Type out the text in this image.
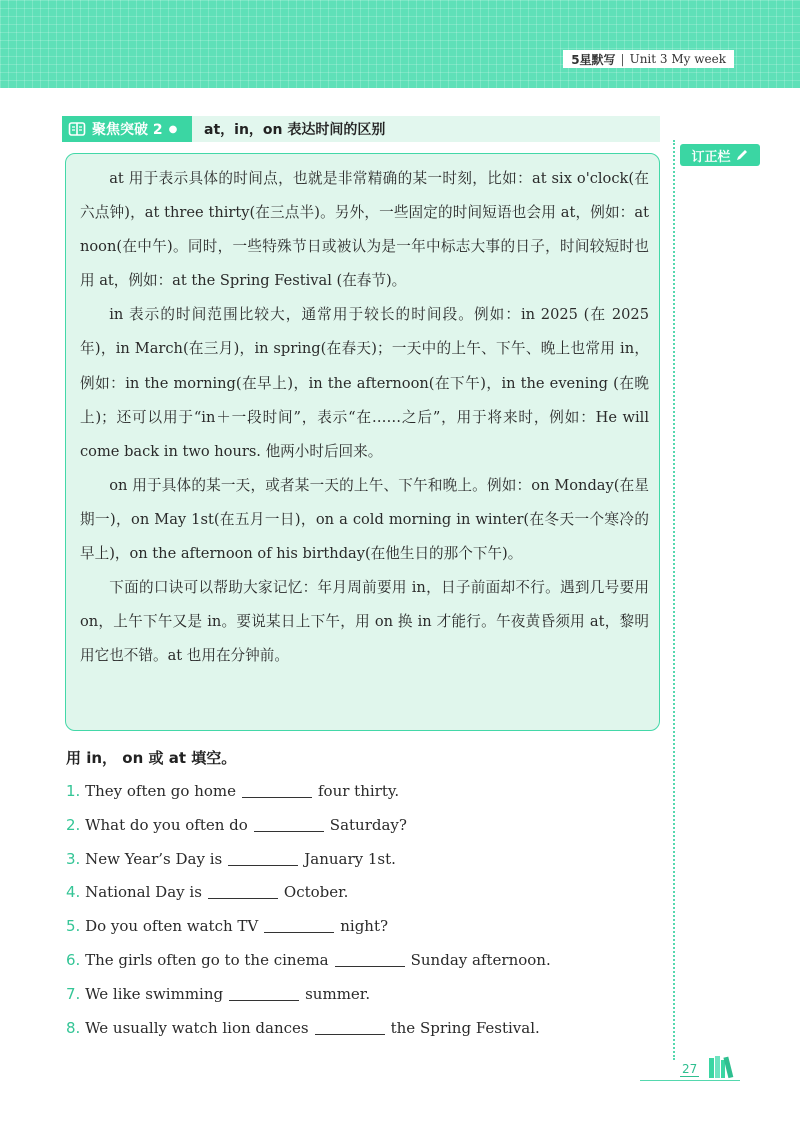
5星默写 | Unit 3 My week
聚焦突破 2 ● at，in，on 表达时间的区别
订正栏

at 用于表示具体的时间点，也就是非常精确的某一时刻，比如：at six o'clock(在六点钟)，at three thirty(在三点半)。另外，一些固定的时间短语也会用 at，例如：at noon(在中午)。同时，一些特殊节日或被认为是一年中标志大事的日子，时间较短时也用 at，例如：at the Spring Festival (在春节)。

in 表示的时间范围比较大，通常用于较长的时间段。例如：in 2025 (在 2025 年)，in March(在三月)，in spring(在春天)；一天中的上午、下午、晚上也常用 in，例如：in the morning(在早上)，in the afternoon(在下午)，in the evening (在晚上)；还可以用于“in＋一段时间”，表示“在……之后”，用于将来时，例如：He will come back in two hours. 他两小时后回来。

on 用于具体的某一天，或者某一天的上午、下午和晚上。例如：on Monday(在星期一)，on May 1st(在五月一日)，on a cold morning in winter(在冬天一个寒冷的早上)，on the afternoon of his birthday(在他生日的那个下午)。

下面的口诀可以帮助大家记忆：年月周前要用 in，日子前面却不行。遇到几号要用 on，上午下午又是 in。要说某日上下午，用 on 换 in 才能行。午夜黄昏须用 at，黎明用它也不错。at 也用在分钟前。

用 in， on 或 at 填空。
1. They often go home	four thirty.
2. What do you often do	Saturday?
3. New Year’s Day is	January 1st.
4. National Day is	October.
5. Do you often watch TV	night?
6. The girls often go to the cinema	Sunday afternoon.
7. We like swimming	summer.
8. We usually watch lion dances	the Spring Festival.
27
